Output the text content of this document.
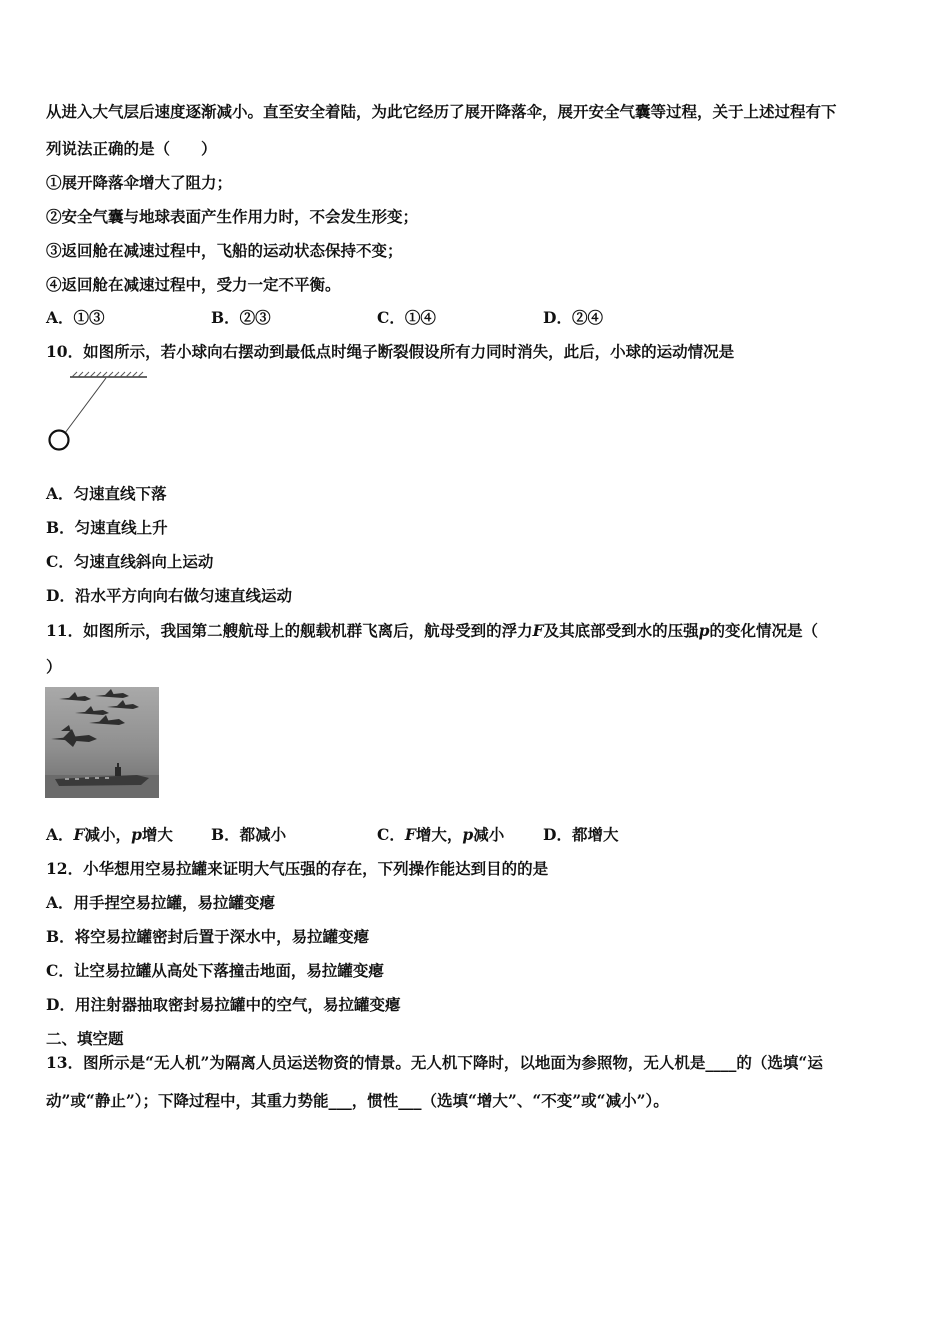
从进入大气层后速度逐渐减小。直至安全着陆，为此它经历了展开降落伞，展开安全气囊等过程，关于上述过程有下
列说法正确的是（　　）
①展开降落伞增大了阻力；
②安全气囊与地球表面产生作用力时，不会发生形变；
③返回舱在减速过程中，飞船的运动状态保持不变；
④返回舱在减速过程中，受力一定不平衡。
A．①③	B．②③	C．①④	D．②④
10．如图所示，若小球向右摆动到最低点时绳子断裂假设所有力同时消失，此后，小球的运动情况是
A．匀速直线下落
B．匀速直线上升
C．匀速直线斜向上运动
D．沿水平方向向右做匀速直线运动
11．如图所示，我国第二艘航母上的舰载机群飞离后，航母受到的浮力F及其底部受到水的压强p的变化情况是（
）
A．F减小，p增大 B．都减小	C．F增大，p减小	D．都增大
12．小华想用空易拉罐来证明大气压强的存在，下列操作能达到目的的是
A．用手捏空易拉罐，易拉罐变瘪
B．将空易拉罐密封后置于深水中，易拉罐变瘪
C．让空易拉罐从高处下落撞击地面，易拉罐变瘪
D．用注射器抽取密封易拉罐中的空气，易拉罐变瘪
二、填空题
13．图所示是“无人机”为隔离人员运送物资的情景。无人机下降时，以地面为参照物，无人机是____的（选填“运
动”或“静止”）；下降过程中，其重力势能___，惯性___（选填“增大”、“不变”或“减小”）。
